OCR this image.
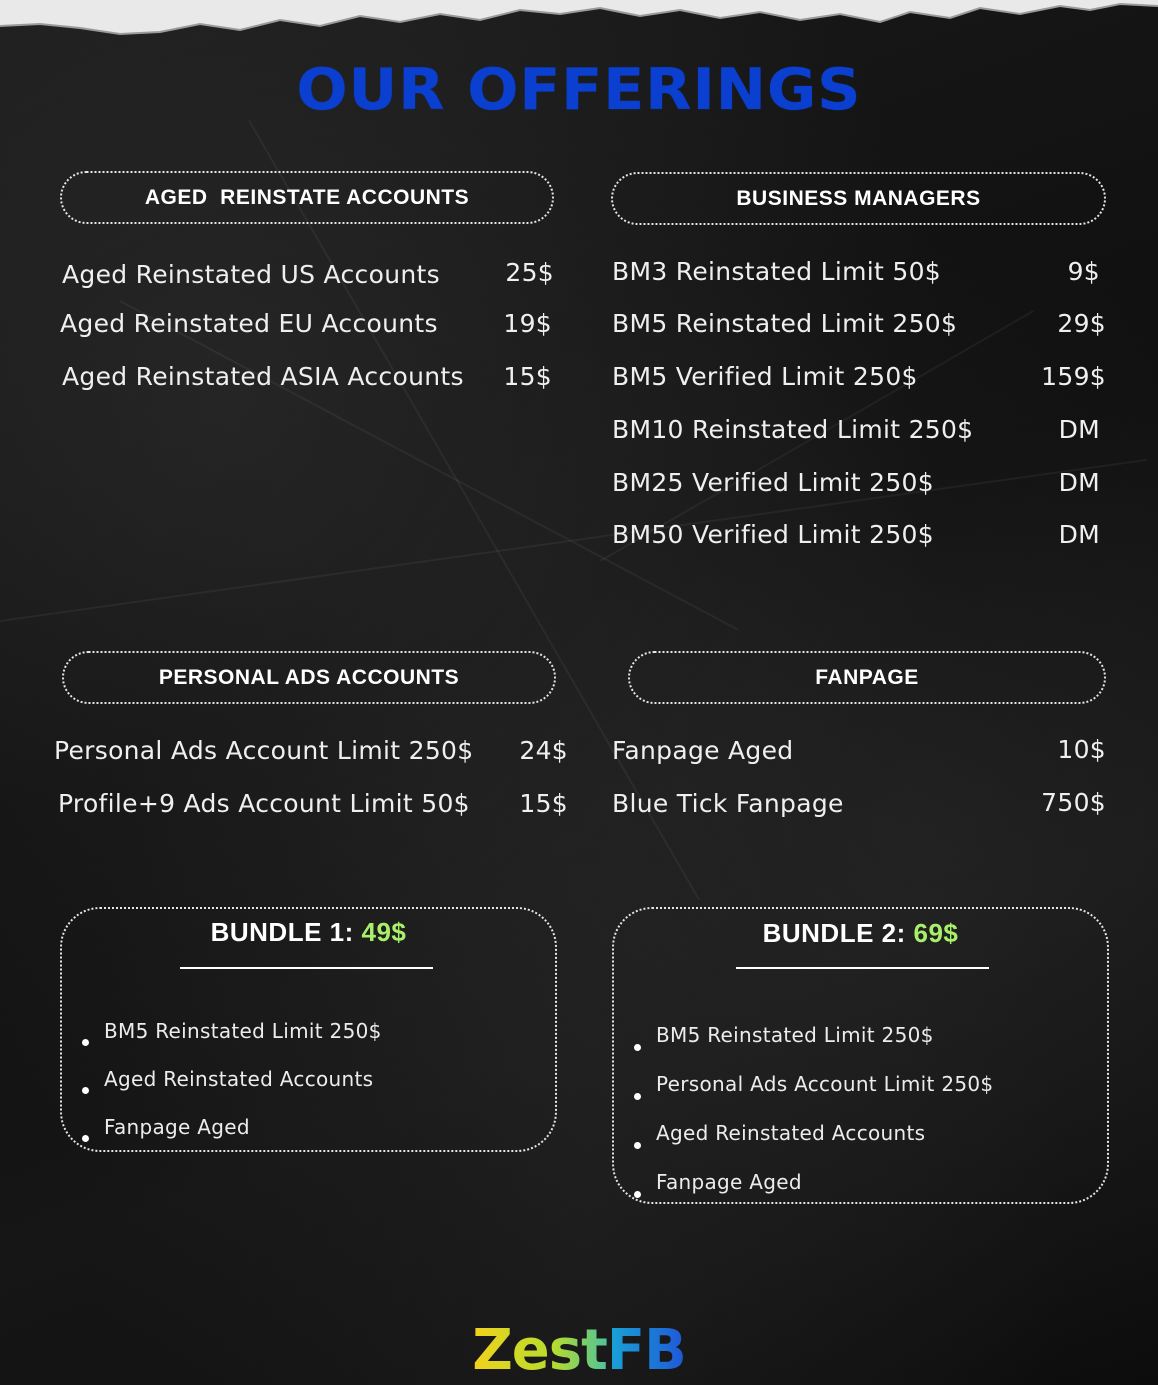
OUR OFFERINGS
AGED  REINSTATE ACCOUNTS
Aged Reinstated US Accounts	25$
Aged Reinstated EU Accounts	19$
Aged Reinstated ASIA Accounts	15$
BUSINESS MANAGERS
BM3 Reinstated Limit 50$	9$
BM5 Reinstated Limit 250$	29$
BM5 Verified Limit 250$	159$
BM10 Reinstated Limit 250$	DM
BM25 Verified Limit 250$	DM
BM50 Verified Limit 250$	DM
PERSONAL ADS ACCOUNTS
Personal Ads Account Limit 250$	24$
Profile+9 Ads Account Limit 50$	15$
FANPAGE
Fanpage Aged	10$
Blue Tick Fanpage	750$
BUNDLE 1: 49$
BM5 Reinstated Limit 250$
Aged Reinstated Accounts
Fanpage Aged
BUNDLE 2: 69$
BM5 Reinstated Limit 250$
Personal Ads Account Limit 250$
Aged Reinstated Accounts
Fanpage Aged
ZestFB
